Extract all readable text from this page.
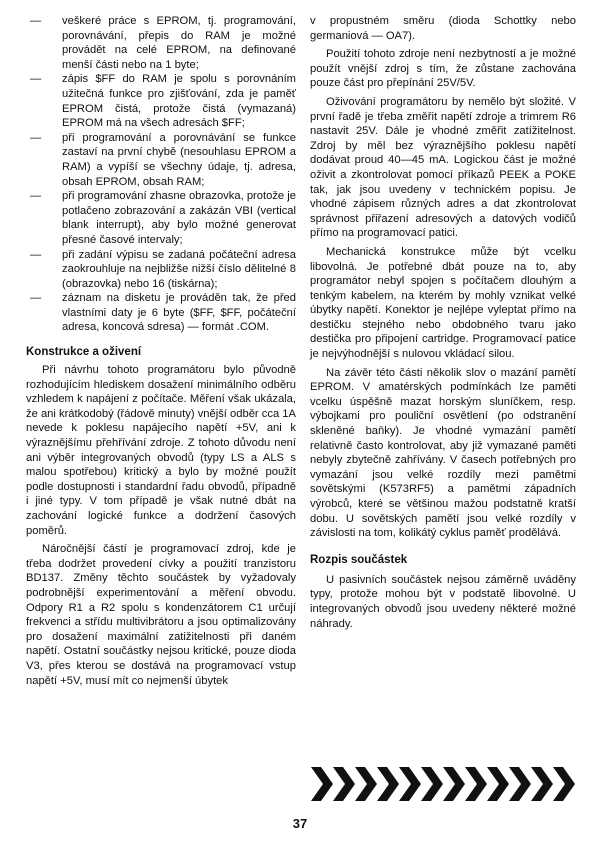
— veškeré práce s EPROM, tj. programování, porovnávání, přepis do RAM je možné provádět na celé EPROM, na definované menší části nebo na 1 byte;
— zápis $FF do RAM je spolu s porovnáním užitečná funkce pro zjišťování, zda je paměť EPROM čistá, protože čistá (vymazaná) EPROM má na všech adresách $FF;
— při programování a porovnávání se funkce zastaví na první chybě (nesouhlasu EPROM a RAM) a vypíší se všechny údaje, tj. adresa, obsah EPROM, obsah RAM;
— při programování zhasne obrazovka, protože je potlačeno zobrazování a zakázán VBI (vertical blank interrupt), aby bylo možné generovat přesné časové intervaly;
— při zadání výpisu se zadaná počáteční adresa zaokrouhluje na nejbližše nižší číslo dělitelné 8 (obrazovka) nebo 16 (tiskárna);
— záznam na disketu je prováděn tak, že před vlastními daty je 6 byte ($FF, $FF, počáteční adresa, koncová sdresa) — formát .COM.
Konstrukce a oživení

Při návrhu tohoto programátoru bylo původně rozhodujícím hlediskem dosažení minimálního odběru vzhledem k napájení z počítače. Měření však ukázala, že ani krátkodobý (řádově minuty) vnější odběr cca 1A nevede k poklesu napájecího napětí +5V, ani k výraznějšímu přehřívání zdroje. Z tohoto důvodu není ani výběr integrovaných obvodů (typy LS a ALS s malou spotřebou) kritický a bylo by možné použít podle dostupnosti i standardní řadu obvodů, případně i jiné typy. V tom případě je však nutné dbát na zachování logické funkce a dodržení časových poměrů.

Náročnější částí je programovací zdroj, kde je třeba dodržet provedení cívky a použití tranzistoru BD137. Změny těchto součástek by vyžadovaly podrobnější experimentování a měření obvodu. Odpory R1 a R2 spolu s kondenzátorem C1 určují frekvenci a střídu multivibrátoru a jsou optimalizovány pro dosažení maximální zatižitelnosti při daném napětí. Ostatní součástky nejsou kritické, pouze dioda V3, přes kterou se dostává na programovací vstup napětí +5V, musí mít co nejmenší úbytek

v propustném směru (dioda Schottky nebo germaniová — OA7).

Použití tohoto zdroje není nezbytností a je možné použít vnější zdroj s tím, že zůstane zachována pouze část pro přepínání 25V/5V.

Oživování programátoru by nemělo být složité. V první řadě je třeba změřit napětí zdroje a trimrem R6 nastavit 25V. Dále je vhodné změřit zatížitelnost. Zdroj by měl bez výraznějšího poklesu napětí dodávat proud 40—45 mA. Logickou část je možné oživit a zkontrolovat pomocí příkazů PEEK a POKE tak, jak jsou uvedeny v technickém popisu. Je vhodné zápisem různých adres a dat zkontrolovat správnost přiřazení adresových a datových vodičů přímo na programovací patici.

Mechanická konstrukce může být vcelku libovolná. Je potřebné dbát pouze na to, aby programátor nebyl spojen s počítačem dlouhým a tenkým kabelem, na kterém by mohly vznikat velké úbytky napětí. Konektor je nejlépe vyleptat přímo na destičku stejného nebo obdobného tvaru jako destička pro připojení cartridge. Programovací patice je nejvýhodnější s nulovou vkládací silou.

Na závěr této části několik slov o mazání pamětí EPROM. V amatérských podmínkách lze paměti vcelku úspěšně mazat horským sluníčkem, resp. výbojkami pro pouliční osvětlení (po odstranění skleněné baňky). Je vhodné vymazání pamětí relativně často kontrolovat, aby již vymazané paměti nebyly zbytečně zahřívány. V časech potřebných pro vymazání jsou velké rozdíly mezi pamětmi sovětskými (K573RF5) a pamětmi západních výrobců, které se většinou mažou podstatně kratší dobu. U sovětských pamětí jsou velké rozdíly v závislosti na tom, kolikátý cyklus paměť prodělává.

Rozpis součástek

U pasivních součástek nejsou záměrně uváděny typy, protože mohou být v podstatě libovolné. U integrovaných obvodů jsou uvedeny některé možné náhrady.

37
